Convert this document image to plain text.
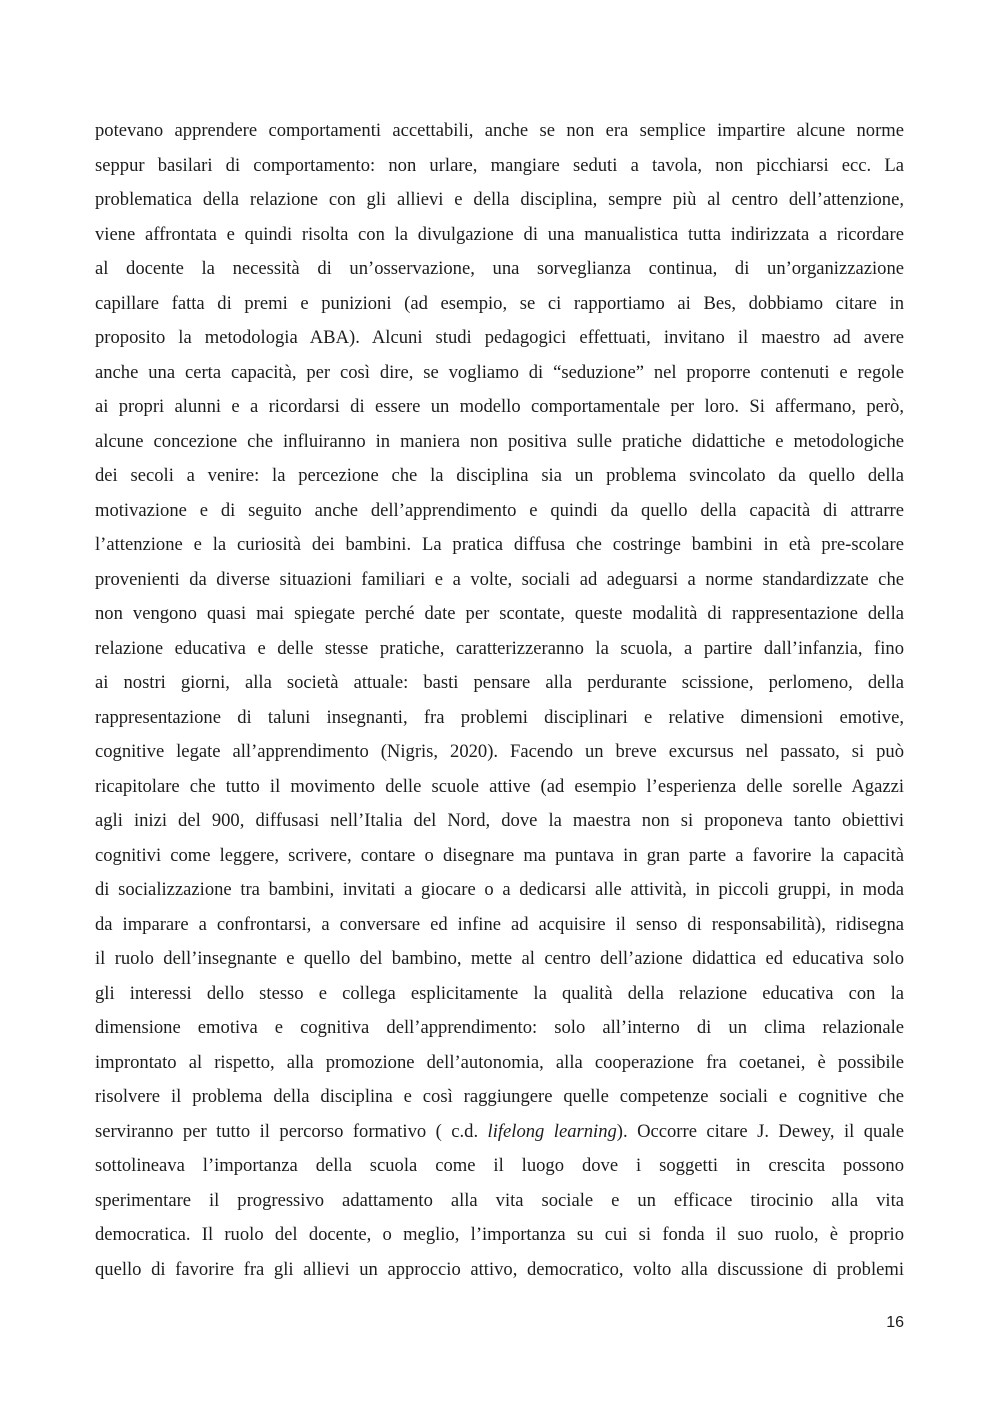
potevano apprendere comportamenti accettabili, anche se non era semplice impartire alcune norme
seppur basilari di comportamento: non urlare, mangiare seduti a tavola, non picchiarsi ecc. La
problematica della relazione con gli allievi e della disciplina, sempre più al centro dell’attenzione,
viene affrontata e quindi risolta con la divulgazione di una manualistica tutta indirizzata a ricordare
al docente la necessità di un’osservazione, una sorveglianza continua, di un’organizzazione
capillare fatta di premi e punizioni (ad esempio, se ci rapportiamo ai Bes, dobbiamo citare in
proposito la metodologia ABA). Alcuni studi pedagogici effettuati, invitano il maestro ad avere
anche una certa capacità, per così dire, se vogliamo di “seduzione” nel proporre contenuti e regole
ai propri alunni e a ricordarsi di essere un modello comportamentale per loro. Si affermano, però,
alcune concezione che influiranno in maniera non positiva sulle pratiche didattiche e metodologiche
dei secoli a venire: la percezione che la disciplina sia un problema svincolato da quello della
motivazione e di seguito anche dell’apprendimento e quindi da quello della capacità di attrarre
l’attenzione e la curiosità dei bambini. La pratica diffusa che costringe bambini in età pre-scolare
provenienti da diverse situazioni familiari e a volte, sociali ad adeguarsi a norme standardizzate che
non vengono quasi mai spiegate perché date per scontate, queste modalità di rappresentazione della
relazione educativa e delle stesse pratiche, caratterizzeranno la scuola, a partire dall’infanzia, fino
ai nostri giorni, alla società attuale: basti pensare alla perdurante scissione, perlomeno, della
rappresentazione di taluni insegnanti, fra problemi disciplinari e relative dimensioni emotive,
cognitive legate all’apprendimento (Nigris, 2020). Facendo un breve excursus nel passato, si può
ricapitolare che tutto il movimento delle scuole attive (ad esempio l’esperienza delle sorelle Agazzi
agli inizi del 900, diffusasi nell’Italia del Nord, dove la maestra non si proponeva tanto obiettivi
cognitivi come leggere, scrivere, contare o disegnare ma puntava in gran parte a favorire la capacità
di socializzazione tra bambini, invitati a giocare o a dedicarsi alle attività, in piccoli gruppi, in moda
da imparare a confrontarsi, a conversare ed infine ad acquisire il senso di responsabilità), ridisegna
il ruolo dell’insegnante e quello del bambino, mette al centro dell’azione didattica ed educativa solo
gli interessi dello stesso e collega esplicitamente la qualità della relazione educativa con la
dimensione emotiva e cognitiva dell’apprendimento: solo all’interno di un clima relazionale
improntato al rispetto, alla promozione dell’autonomia, alla cooperazione fra coetanei, è possibile
risolvere il problema della disciplina e così raggiungere quelle competenze sociali e cognitive che
serviranno per tutto il percorso formativo ( c.d. lifelong learning). Occorre citare J. Dewey, il quale
sottolineava l’importanza della scuola come il luogo dove i soggetti in crescita possono
sperimentare il progressivo adattamento alla vita sociale e un efficace tirocinio alla vita
democratica. Il ruolo del docente, o meglio, l’importanza su cui si fonda il suo ruolo, è proprio
quello di favorire fra gli allievi un approccio attivo, democratico, volto alla discussione di problemi
16
